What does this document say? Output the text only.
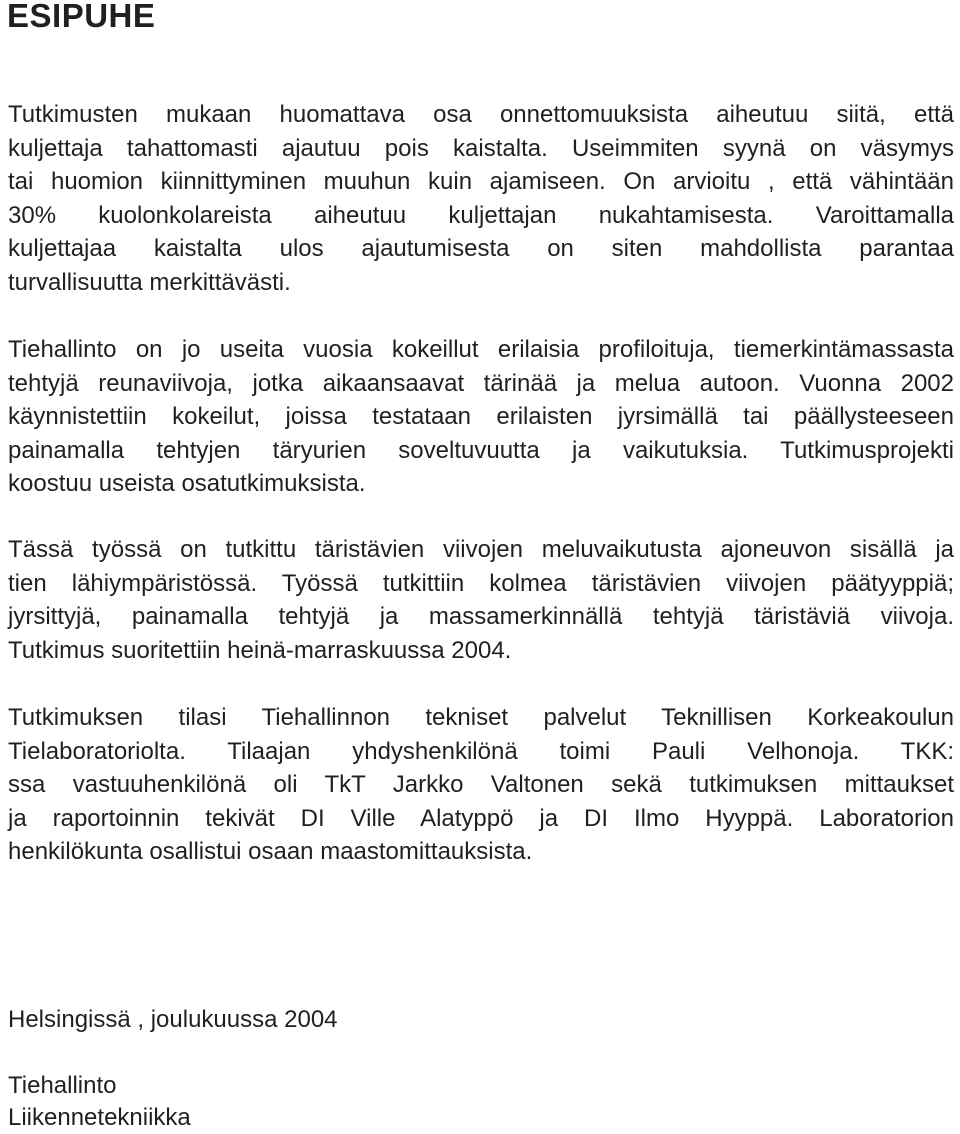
ESIPUHE

Tutkimusten mukaan huomattava osa onnettomuuksista aiheutuu siitä, että
kuljettaja tahattomasti ajautuu pois kaistalta. Useimmiten syynä on väsymys
tai huomion kiinnittyminen muuhun kuin ajamiseen. On arvioitu , että vähintään
30% kuolonkolareista aiheutuu kuljettajan nukahtamisesta. Varoittamalla
kuljettajaa kaistalta ulos ajautumisesta on siten mahdollista parantaa
turvallisuutta merkittävästi.

Tiehallinto on jo useita vuosia kokeillut erilaisia profiloituja, tiemerkintämassasta
tehtyjä reunaviivoja, jotka aikaansaavat tärinää ja melua autoon. Vuonna 2002
käynnistettiin kokeilut, joissa testataan erilaisten jyrsimällä tai päällysteeseen
painamalla tehtyjen täryurien soveltuvuutta ja vaikutuksia. Tutkimusprojekti
koostuu useista osatutkimuksista.

Tässä työssä on tutkittu täristävien viivojen meluvaikutusta ajoneuvon sisällä ja
tien lähiympäristössä. Työssä tutkittiin kolmea täristävien viivojen päätyyppiä;
jyrsittyjä, painamalla tehtyjä ja massamerkinnällä tehtyjä täristäviä viivoja.
Tutkimus suoritettiin heinä-marraskuussa 2004.

Tutkimuksen tilasi Tiehallinnon tekniset palvelut Teknillisen Korkeakoulun
Tielaboratoriolta. Tilaajan yhdyshenkilönä toimi Pauli Velhonoja. TKK:
ssa vastuuhenkilönä oli TkT Jarkko Valtonen sekä tutkimuksen mittaukset
ja raportoinnin tekivät DI Ville Alatyppö ja DI Ilmo Hyyppä. Laboratorion
henkilökunta osallistui osaan maastomittauksista.

Helsingissä , joulukuussa 2004

Tiehallinto

Liikennetekniikka
